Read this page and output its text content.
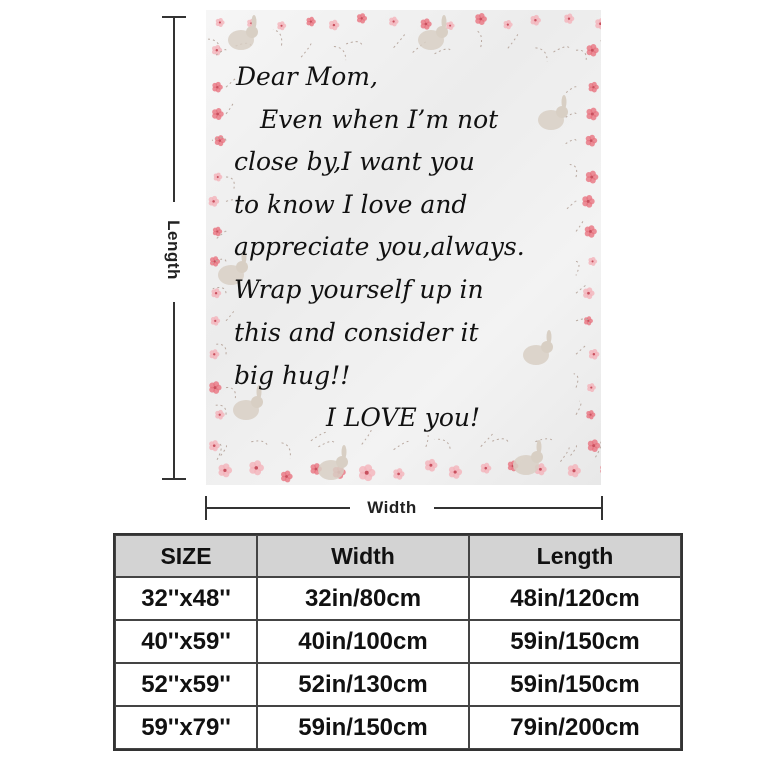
Length
Dear Mom,
Even when I’m not
close by,I want you
to know I love and
appreciate you,always.
Wrap yourself up in
this and consider it
big hug!!
I LOVE you!
Width
SIZE	Width	Length
32''x48''	32in/80cm	48in/120cm
40''x59''	40in/100cm	59in/150cm
52''x59''	52in/130cm	59in/150cm
59''x79''	59in/150cm	79in/200cm
